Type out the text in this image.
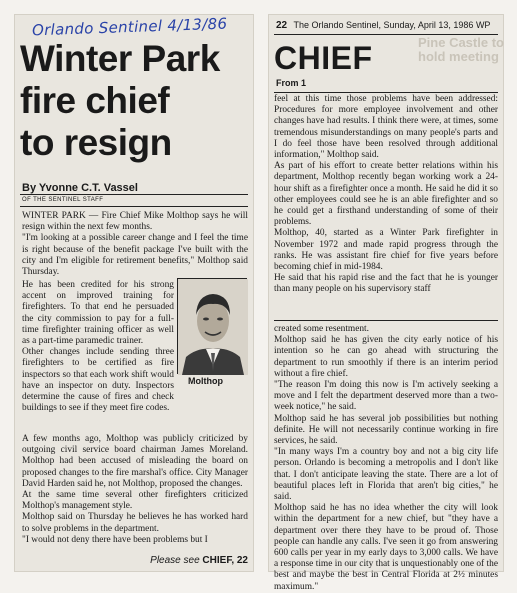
Orlando Sentinel 4/13/86
Winter Park
fire chief
to resign
By Yvonne C.T. Vassel
OF THE SENTINEL STAFF

WINTER PARK — Fire Chief Mike Molthop says he will resign within the next few months.
"I'm looking at a possible career change and I feel the time is right because of the benefit package I've built with the city and I'm eligible for retirement benefits," Molthop said Thursday.

He has been credited for his strong accent on improved training for firefighters. To that end he persuaded the city commission to pay for a full-time firefighter training officer as well as a part-time paramedic trainer.
Other changes include sending three firefighters to be certified as fire inspectors so that each work shift would have an inspector on duty. Inspectors determine the cause of fires and check buildings to see if they meet fire codes.

Molthop

A few months ago, Molthop was publicly criticized by outgoing civil service board chairman James Moreland. Molthop had been accused of misleading the board on proposed changes to the fire marshal's office. City Manager David Harden said he, not Molthop, proposed the changes.
At the same time several other firefighters criticized Molthop's management style.
Molthop said on Thursday he believes he has worked hard to solve problems in the department.
"I would not deny there have been problems but I

Please see CHIEF, 22
22 The Orlando Sentinel, Sunday, April 13, 1986 WP
Pine Castle to hold meeting
CHIEF
From 1

feel at this time those problems have been addressed: Procedures for more employee involvement and other changes have had results. I think there were, at times, some tremendous misunderstandings on many people's parts and I do feel those have been resolved through additional information," Molthop said.
As part of his effort to create better relations within his department, Molthop recently began working work a 24-hour shift as a firefighter once a month. He said he did it so other employees could see he is an able firefighter and so he could get a firsthand understanding of some of their problems.
Molthop, 40, started as a Winter Park firefighter in November 1972 and made rapid progress through the ranks. He was assistant fire chief for five years before becoming chief in mid-1984.
He said that his rapid rise and the fact that he is younger than many people on his supervisory staff

created some resentment.
Molthop said he has given the city early notice of his intention so he can go ahead with structuring the department to run smoothly if there is an interim period without a fire chief.
"The reason I'm doing this now is I'm actively seeking a move and I felt the department deserved more than a two-week notice," he said.
Molthop said he has several job possibilities but nothing definite. He will not necessarily continue working in fire services, he said.
"In many ways I'm a country boy and not a big city life person. Orlando is becoming a metropolis and I don't like that. I don't anticipate leaving the state. There are a lot of beautiful places left in Florida that aren't big cities," he said.
Molthop said he has no idea whether the city will look within the department for a new chief, but "they have a department over there they have to be proud of. Those people can handle any calls. I've seen it go from answering 600 calls per year in my early days to 3,000 calls. We have a response time in our city that is unquestionably one of the best and maybe the best in Central Florida at 2½ minutes maximum."
